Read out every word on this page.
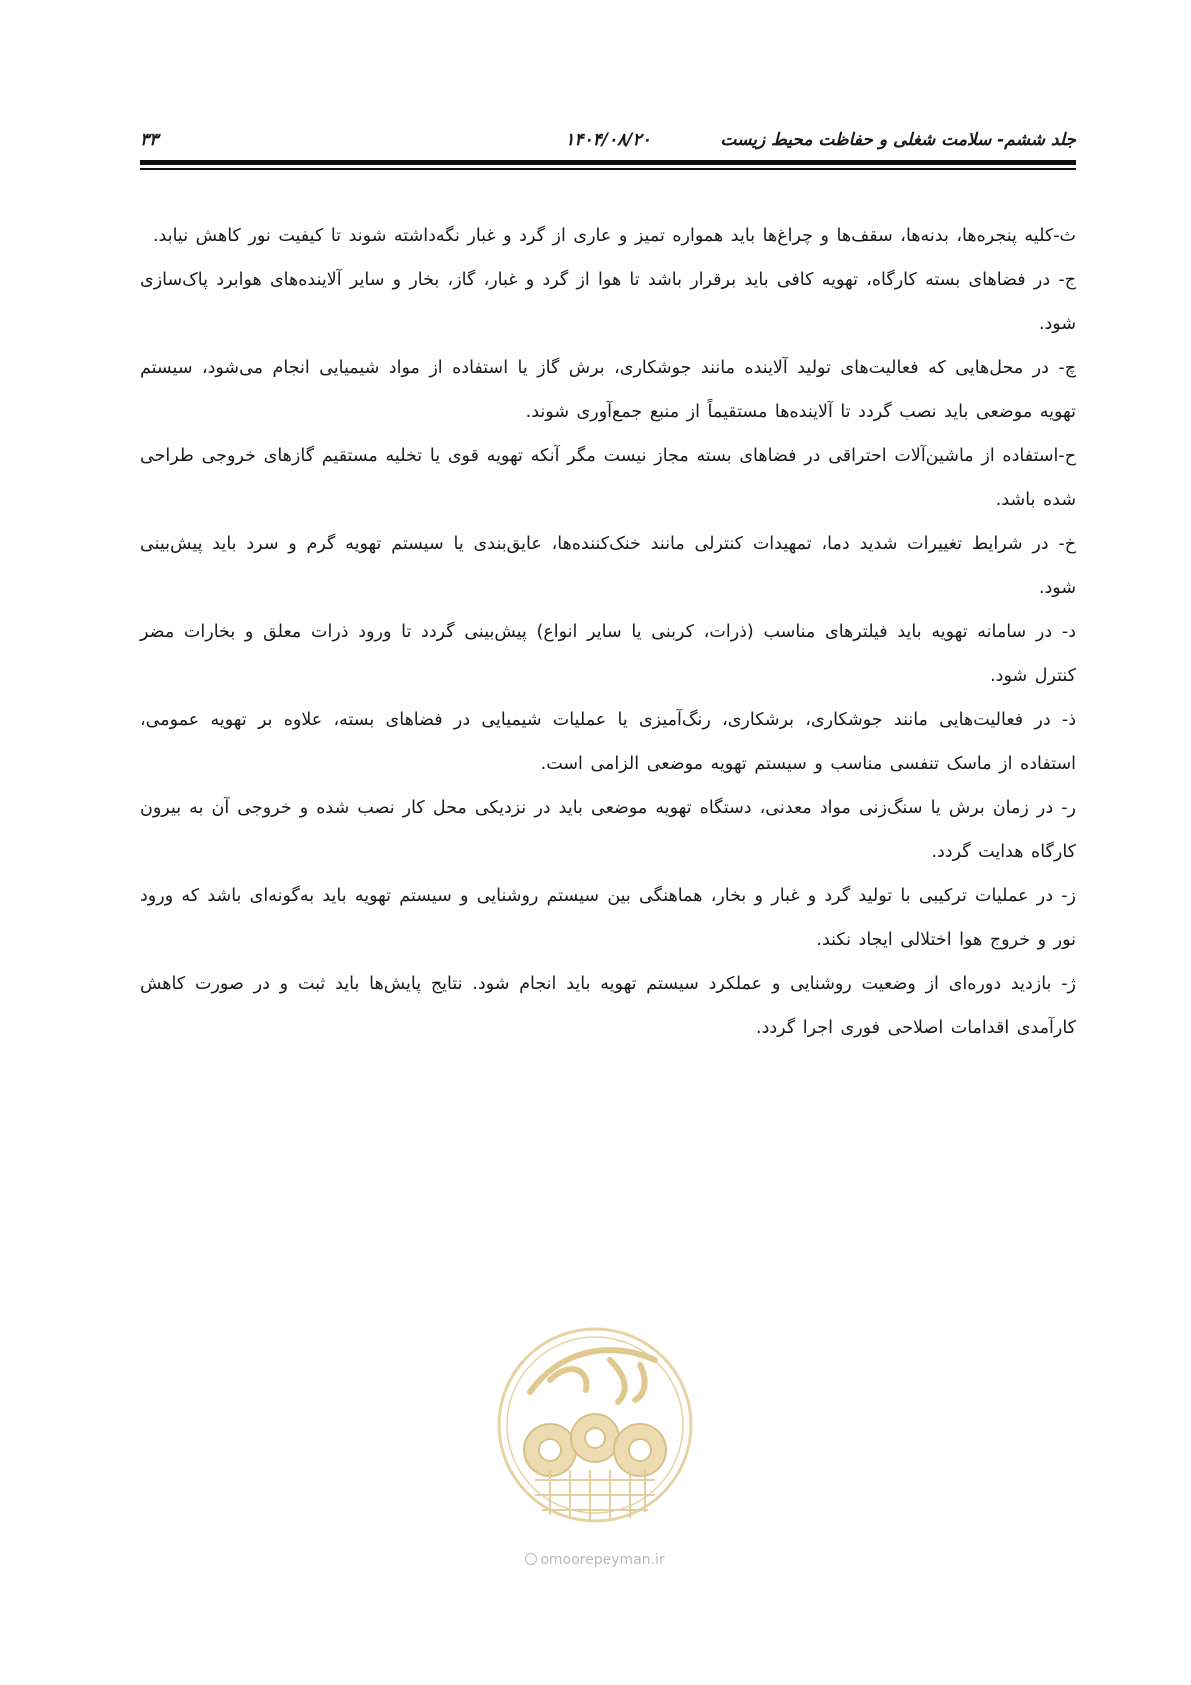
جلد ششم- سلامت شغلی و حفاظت محیط زیست
۱۴۰۴/۰۸/۲۰
۳۳

ث-کلیه پنجره‌ها، بدنه‌ها، سقف‌ها و چراغ‌ها باید همواره تمیز و عاری از گرد و غبار نگه‌داشته شوند تا کیفیت نور کاهش نیابد.

ج- در فضاهای بسته کارگاه، تهویه کافی باید برقرار باشد تا هوا از گرد و غبار، گاز، بخار و سایر آلاینده‌های هوابرد پاک‌سازی شود.

چ- در محل‌هایی که فعالیت‌های تولید آلاینده مانند جوشکاری، برش گاز یا استفاده از مواد شیمیایی انجام می‌شود، سیستم تهویه موضعی باید نصب گردد تا آلاینده‌ها مستقیماً از منبع جمع‌آوری شوند.

ح-استفاده از ماشین‌آلات احتراقی در فضاهای بسته مجاز نیست مگر آنکه تهویه قوی یا تخلیه مستقیم گازهای خروجی طراحی شده باشد.

خ- در شرایط تغییرات شدید دما، تمهیدات کنترلی مانند خنک‌کننده‌ها، عایق‌بندی یا سیستم تهویه گرم و سرد باید پیش‌بینی شود.

د- در سامانه تهویه باید فیلترهای مناسب (ذرات، کربنی یا سایر انواع) پیش‌بینی گردد تا ورود ذرات معلق و بخارات مضر کنترل شود.

ذ- در فعالیت‌هایی مانند جوشکاری، برشکاری، رنگ‌آمیزی یا عملیات شیمیایی در فضاهای بسته، علاوه بر تهویه عمومی، استفاده از ماسک تنفسی مناسب و سیستم تهویه موضعی الزامی است.

ر- در زمان برش یا سنگ‌زنی مواد معدنی، دستگاه تهویه موضعی باید در نزدیکی محل کار نصب شده و خروجی آن به بیرون کارگاه هدایت گردد.

ز- در عملیات ترکیبی با تولید گرد و غبار و بخار، هماهنگی بین سیستم روشنایی و سیستم تهویه باید به‌گونه‌ای باشد که ورود نور و خروج هوا اختلالی ایجاد نکند.

ژ- بازدید دوره‌ای از وضعیت روشنایی و عملکرد سیستم تهویه باید انجام شود. نتایج پایش‌ها باید ثبت و در صورت کاهش کارآمدی اقدامات اصلاحی فوری اجرا گردد.

omoorepeyman.ir
